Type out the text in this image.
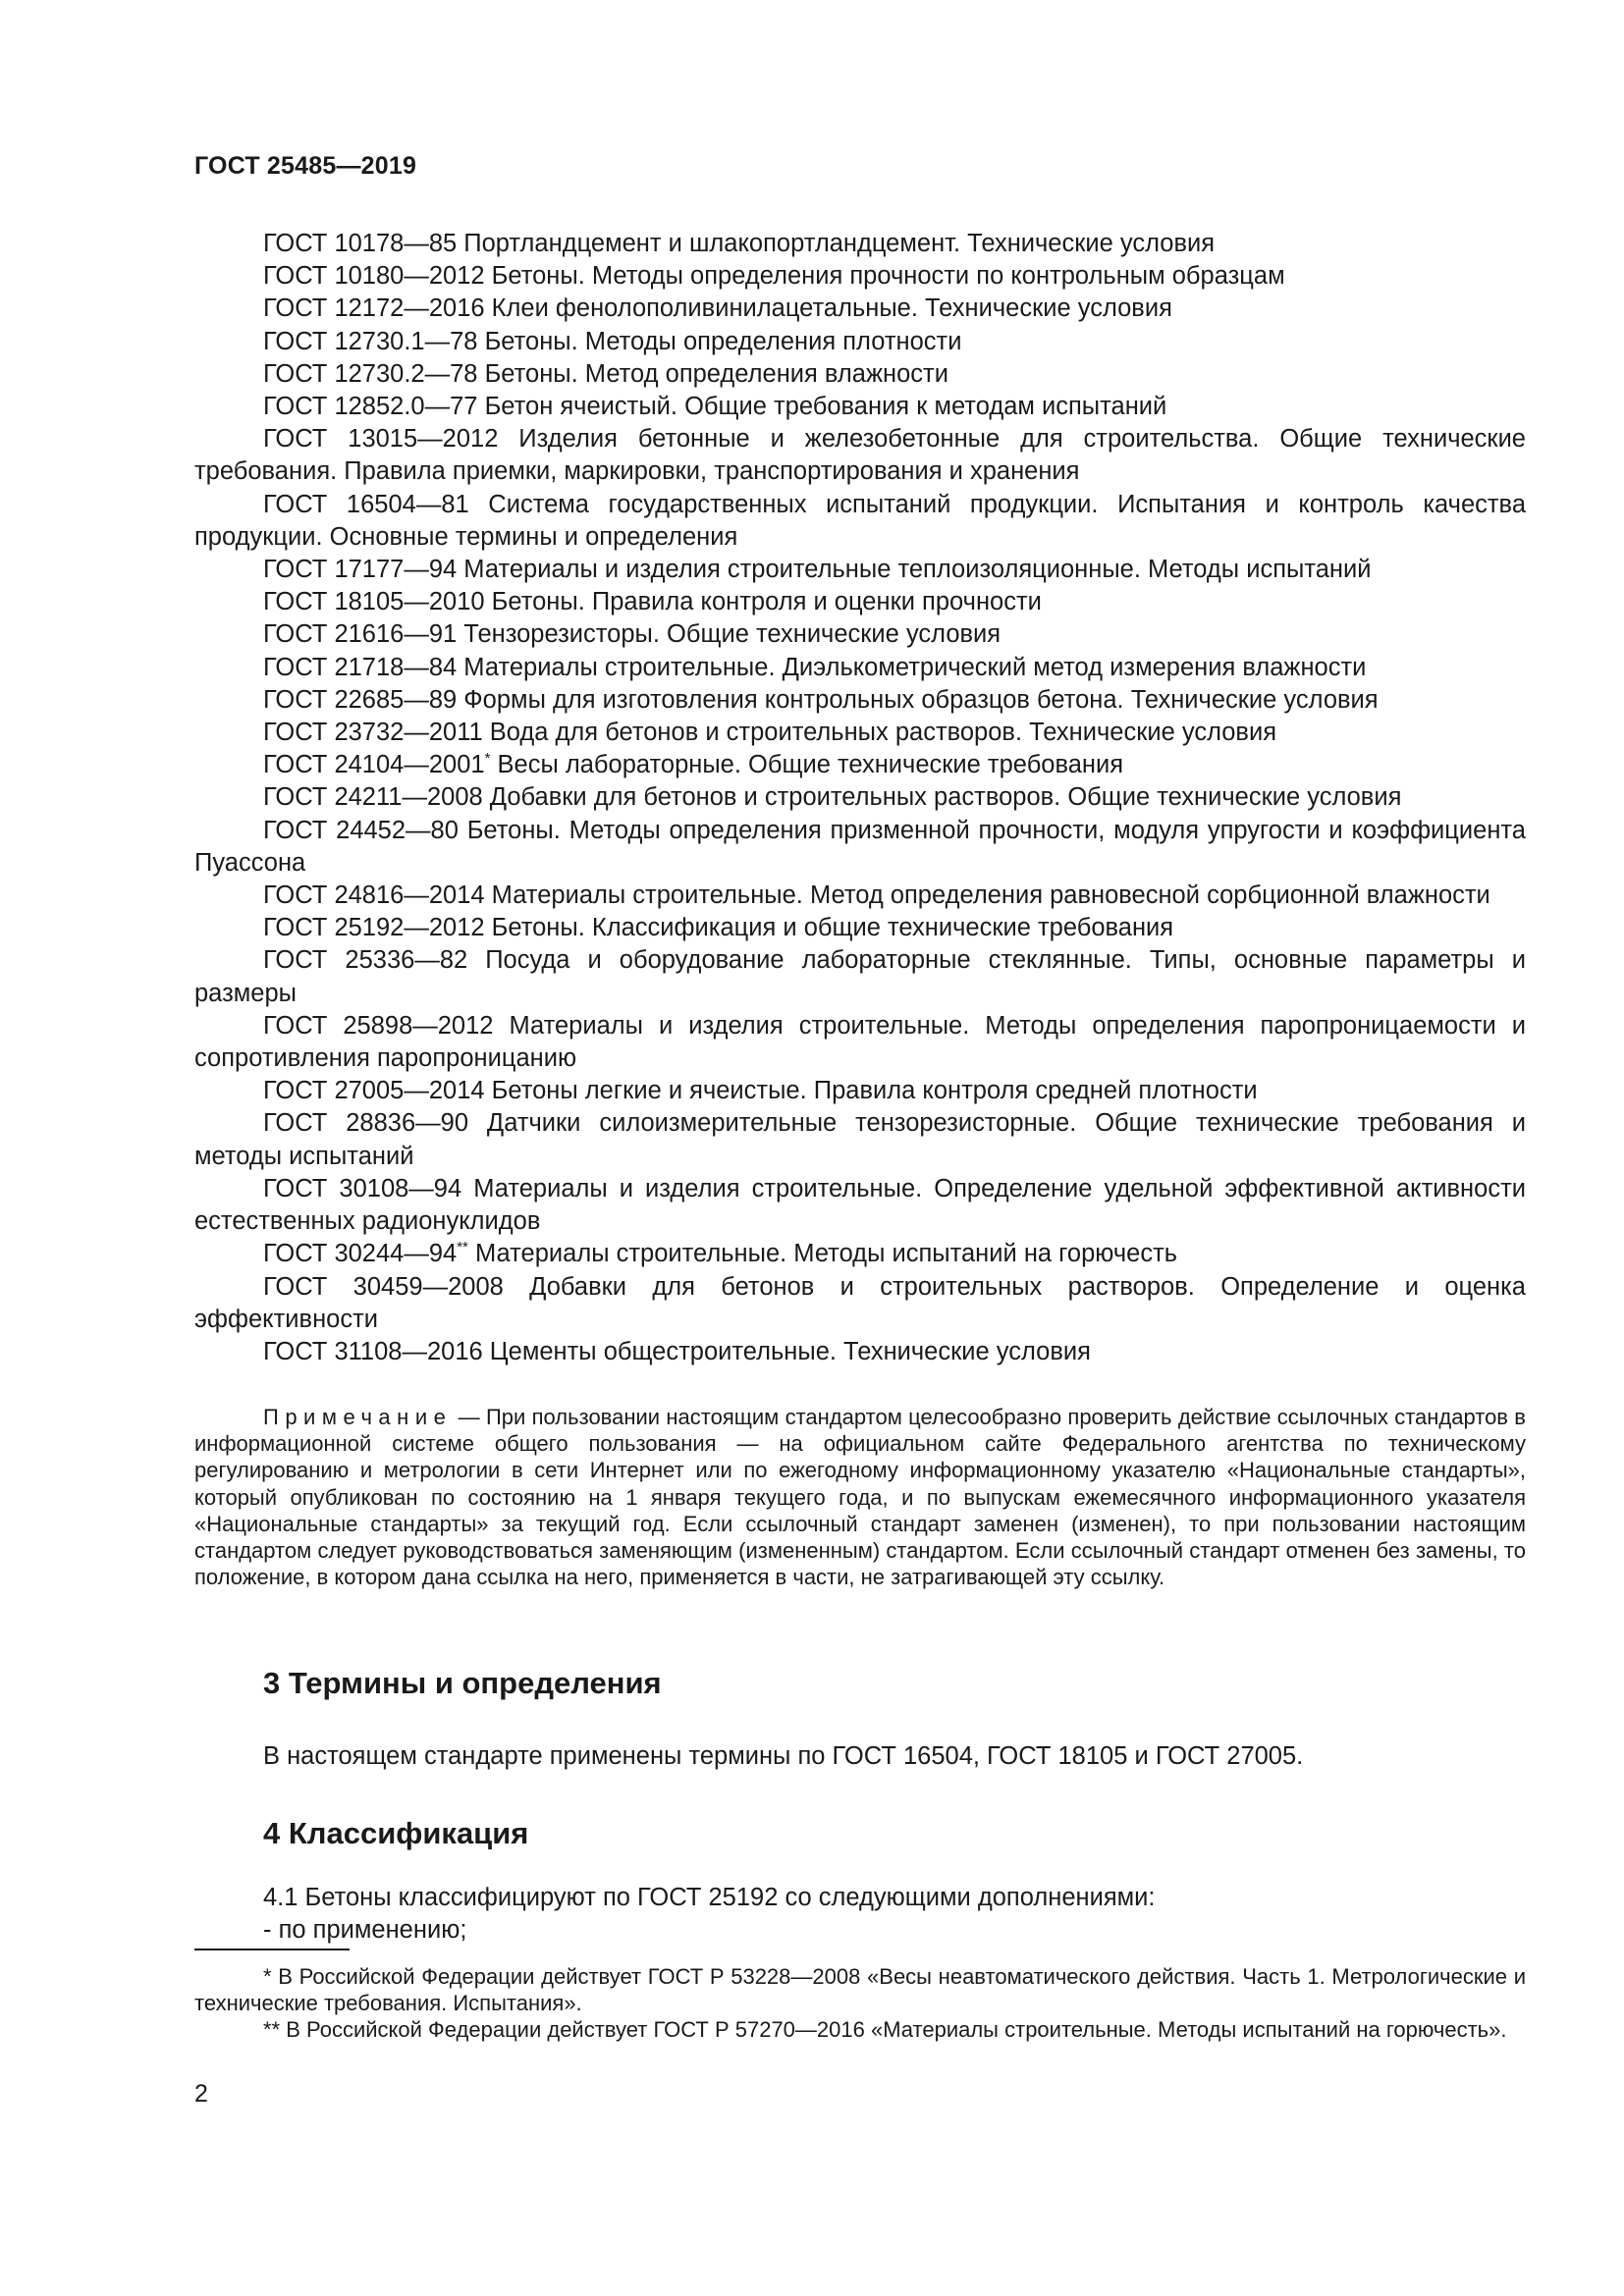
ГОСТ 25485—2019
ГОСТ 10178—85 Портландцемент и шлакопортландцемент. Технические условия
ГОСТ 10180—2012 Бетоны. Методы определения прочности по контрольным образцам
ГОСТ 12172—2016 Клеи фенолополивинилацетальные. Технические условия
ГОСТ 12730.1—78 Бетоны. Методы определения плотности
ГОСТ 12730.2—78 Бетоны. Метод определения влажности
ГОСТ 12852.0—77 Бетон ячеистый. Общие требования к методам испытаний
ГОСТ 13015—2012 Изделия бетонные и железобетонные для строительства. Общие технические требования. Правила приемки, маркировки, транспортирования и хранения
ГОСТ 16504—81 Система государственных испытаний продукции. Испытания и контроль качества продукции. Основные термины и определения
ГОСТ 17177—94 Материалы и изделия строительные теплоизоляционные. Методы испытаний
ГОСТ 18105—2010 Бетоны. Правила контроля и оценки прочности
ГОСТ 21616—91 Тензорезисторы. Общие технические условия
ГОСТ 21718—84 Материалы строительные. Диэлькометрический метод измерения влажности
ГОСТ 22685—89 Формы для изготовления контрольных образцов бетона. Технические условия
ГОСТ 23732—2011 Вода для бетонов и строительных растворов. Технические условия
ГОСТ 24104—2001* Весы лабораторные. Общие технические требования
ГОСТ 24211—2008 Добавки для бетонов и строительных растворов. Общие технические условия
ГОСТ 24452—80 Бетоны. Методы определения призменной прочности, модуля упругости и коэффициента Пуассона
ГОСТ 24816—2014 Материалы строительные. Метод определения равновесной сорбционной влажности
ГОСТ 25192—2012 Бетоны. Классификация и общие технические требования
ГОСТ 25336—82 Посуда и оборудование лабораторные стеклянные. Типы, основные параметры и размеры
ГОСТ 25898—2012 Материалы и изделия строительные. Методы определения паропроницаемости и сопротивления паропроницанию
ГОСТ 27005—2014 Бетоны легкие и ячеистые. Правила контроля средней плотности
ГОСТ 28836—90 Датчики силоизмерительные тензорезисторные. Общие технические требования и методы испытаний
ГОСТ 30108—94 Материалы и изделия строительные. Определение удельной эффективной активности естественных радионуклидов
ГОСТ 30244—94** Материалы строительные. Методы испытаний на горючесть
ГОСТ 30459—2008 Добавки для бетонов и строительных растворов. Определение и оценка эффективности
ГОСТ 31108—2016 Цементы общестроительные. Технические условия
Примечание — При пользовании настоящим стандартом целесообразно проверить действие ссылочных стандартов в информационной системе общего пользования — на официальном сайте Федерального агентства по техническому регулированию и метрологии в сети Интернет или по ежегодному информационному указателю «Национальные стандарты», который опубликован по состоянию на 1 января текущего года, и по выпускам ежемесячного информационного указателя «Национальные стандарты» за текущий год. Если ссылочный стандарт заменен (изменен), то при пользовании настоящим стандартом следует руководствоваться заменяющим (измененным) стандартом. Если ссылочный стандарт отменен без замены, то положение, в котором дана ссылка на него, применяется в части, не затрагивающей эту ссылку.
3 Термины и определения
В настоящем стандарте применены термины по ГОСТ 16504, ГОСТ 18105 и ГОСТ 27005.
4 Классификация
4.1 Бетоны классифицируют по ГОСТ 25192 со следующими дополнениями:
- по применению;
* В Российской Федерации действует ГОСТ Р 53228—2008 «Весы неавтоматического действия. Часть 1. Метрологические и технические требования. Испытания».
** В Российской Федерации действует ГОСТ Р 57270—2016 «Материалы строительные. Методы испытаний на горючесть».
2
